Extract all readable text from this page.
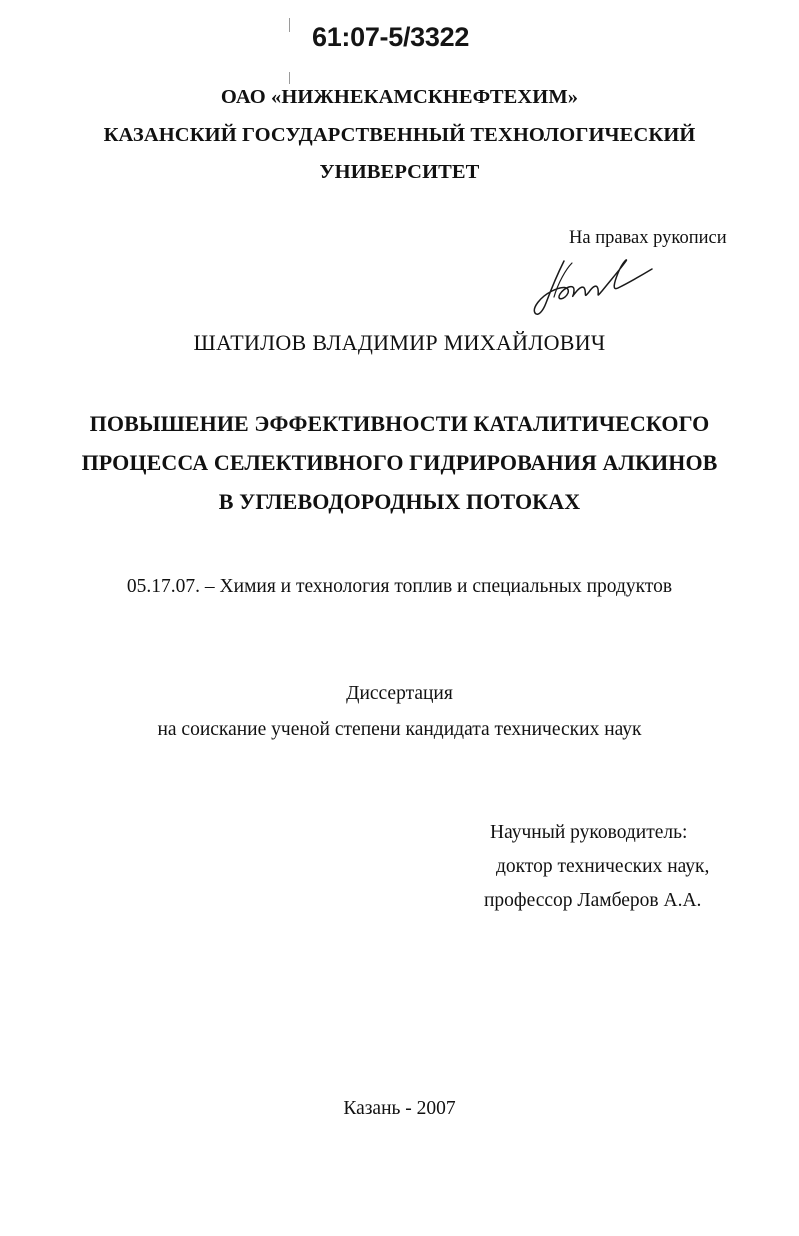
61:07-5/3322
ОАО «НИЖНЕКАМСКНЕФТЕХИМ»
КАЗАНСКИЙ ГОСУДАРСТВЕННЫЙ ТЕХНОЛОГИЧЕСКИЙ
УНИВЕРСИТЕТ
На правах рукописи
ШАТИЛОВ ВЛАДИМИР МИХАЙЛОВИЧ
ПОВЫШЕНИЕ ЭФФЕКТИВНОСТИ КАТАЛИТИЧЕСКОГО
ПРОЦЕССА СЕЛЕКТИВНОГО ГИДРИРОВАНИЯ АЛКИНОВ
В УГЛЕВОДОРОДНЫХ ПОТОКАХ
05.17.07. – Химия и технология топлив и специальных продуктов
Диссертация
на соискание ученой степени кандидата технических наук
Научный руководитель:
доктор технических наук,
профессор Ламберов А.А.
Казань - 2007
